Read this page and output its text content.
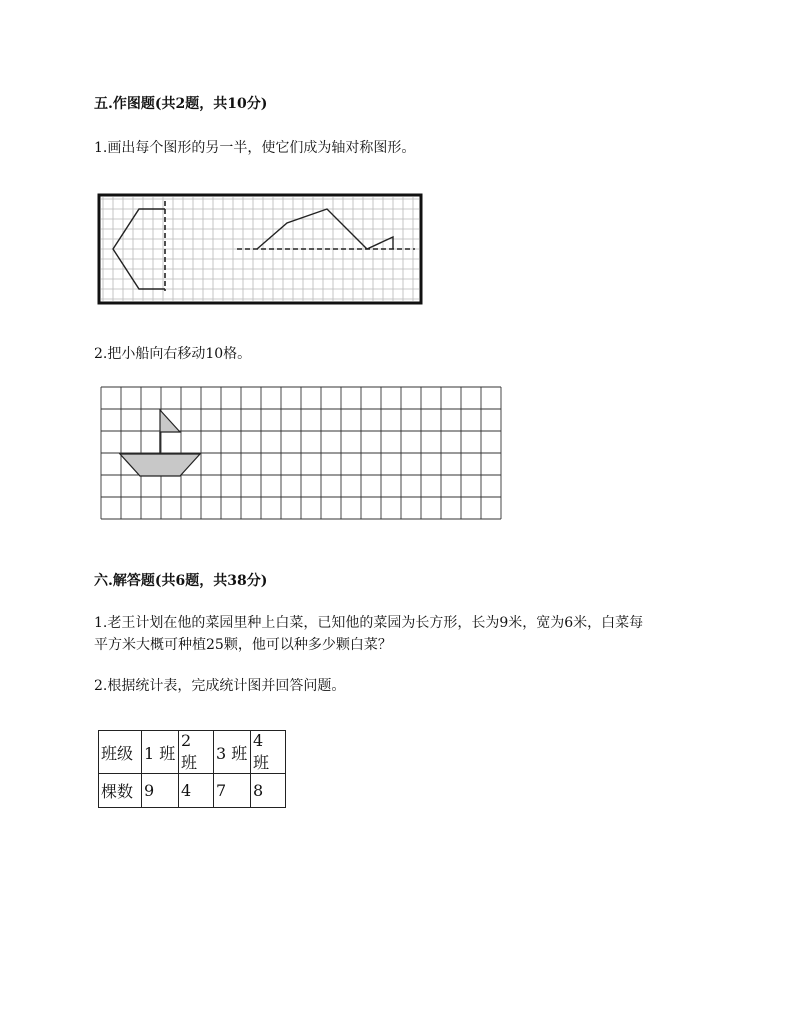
五.作图题(共2题，共10分)
1.画出每个图形的另一半，使它们成为轴对称图形。
2.把小船向右移动10格。
六.解答题(共6题，共38分)
1.老王计划在他的菜园里种上白菜，已知他的菜园为长方形，长为9米，宽为6米，白菜每
平方米大概可种植25颗，他可以种多少颗白菜？
2.根据统计表，完成统计图并回答问题。
班级	1 班	2 班	3 班	4 班
棵数	9	4	7	8
